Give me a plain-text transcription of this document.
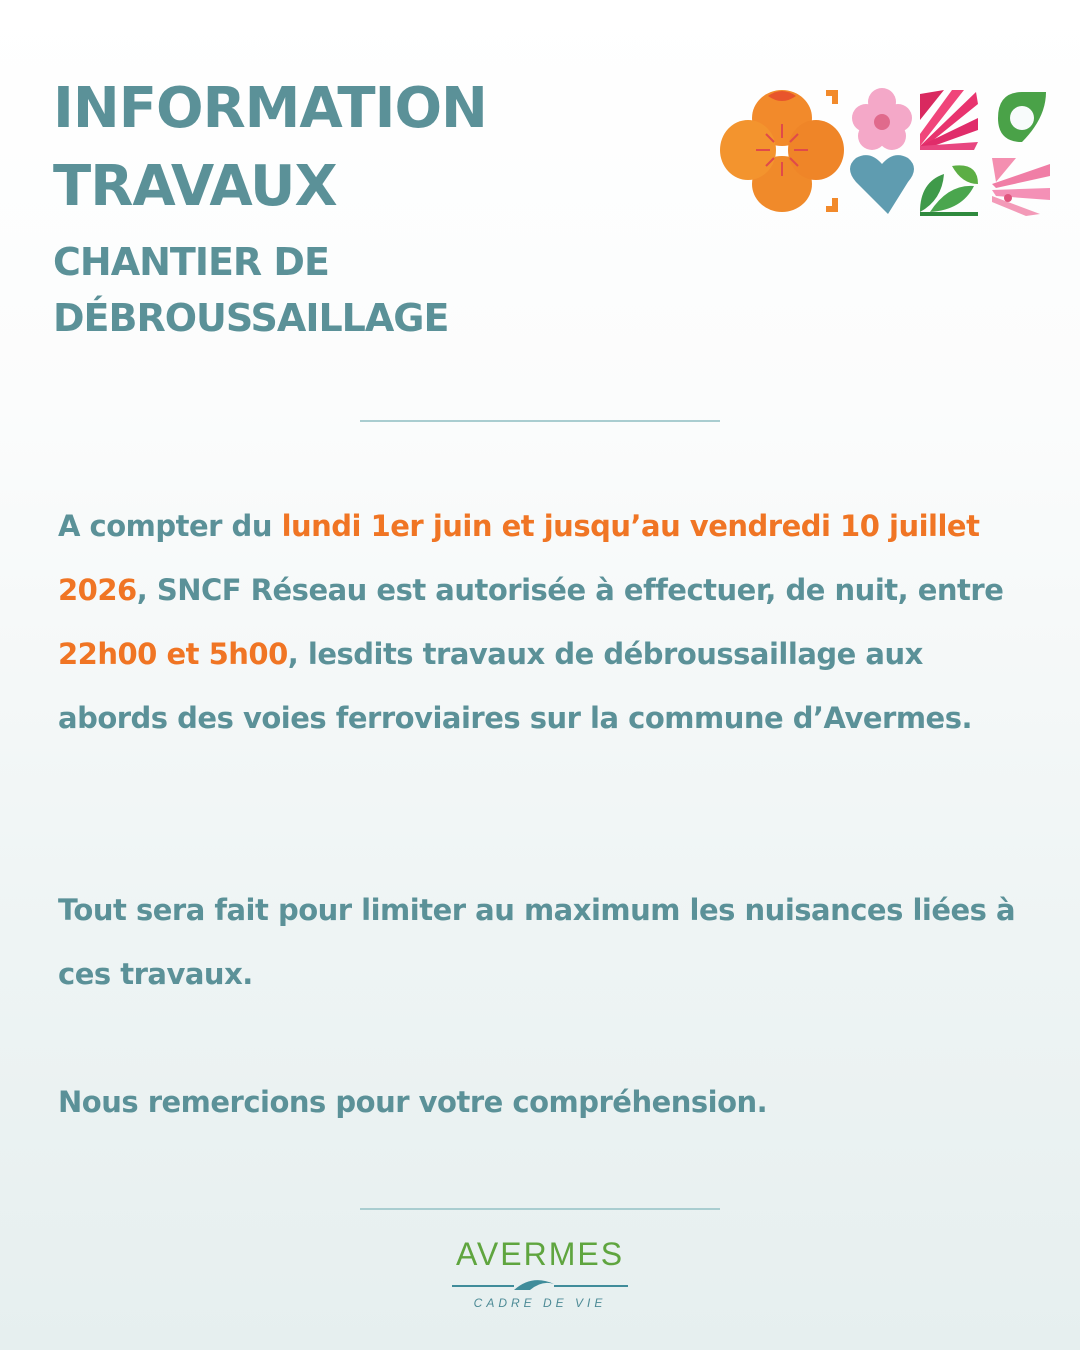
INFORMATION
TRAVAUX
CHANTIER DE
DÉBROUSSAILLAGE

A compter du lundi 1er juin et jusqu’au vendredi 10 juillet 2026, SNCF Réseau est autorisée à effectuer, de nuit, entre 22h00 et 5h00, lesdits travaux de débroussaillage aux abords des voies ferroviaires sur la commune d’Avermes.

Tout sera fait pour limiter au maximum les nuisances liées à ces travaux.

Nous remercions pour votre compréhension.

AVERMES
CADRE DE VIE
